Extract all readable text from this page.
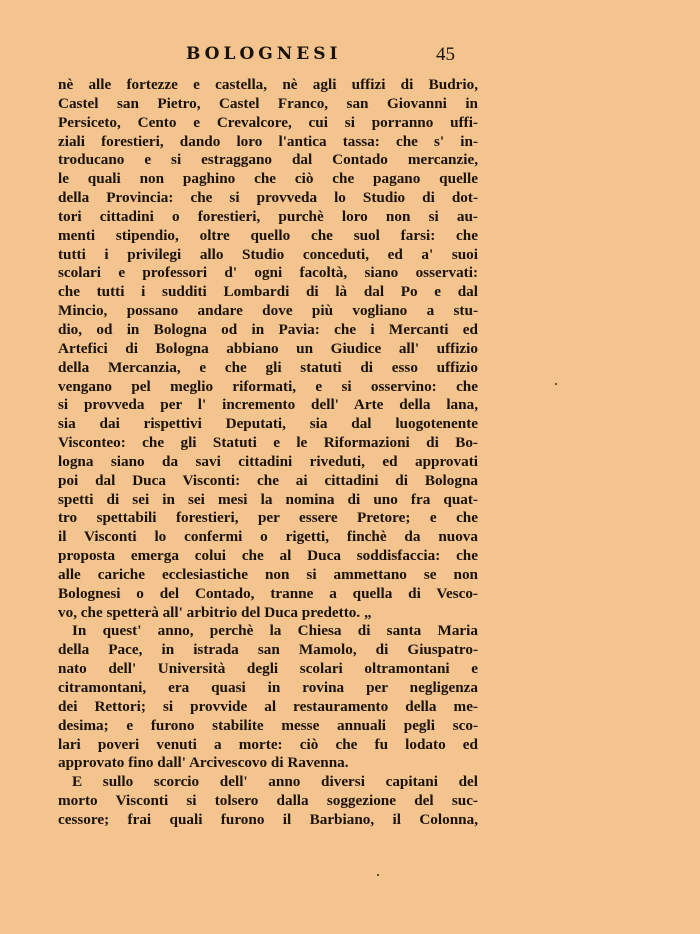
BOLOGNESI	45
nè alle fortezze e castella, nè agli uffizi di Budrio,
Castel san Pietro, Castel Franco, san Giovanni in
Persiceto, Cento e Crevalcore, cui si porranno uffi-
ziali forestieri, dando loro l'antica tassa: che s' in-
troducano e si estraggano dal Contado mercanzie,
le quali non paghino che ciò che pagano quelle
della Provincia: che si provveda lo Studio di dot-
tori cittadini o forestieri, purchè loro non si au-
menti stipendio, oltre quello che suol farsi: che
tutti i privilegi allo Studio conceduti, ed a' suoi
scolari e professori d' ogni facoltà, siano osservati:
che tutti i sudditi Lombardi di là dal Po e dal
Mincio, possano andare dove più vogliano a stu-
dio, od in Bologna od in Pavia: che i Mercanti ed
Artefici di Bologna abbiano un Giudice all' uffizio
della Mercanzia, e che gli statuti di esso uffizio
vengano pel meglio riformati, e si osservino: che
si provveda per l' incremento dell' Arte della lana,
sia dai rispettivi Deputati, sia dal luogotenente
Visconteo: che gli Statuti e le Riformazioni di Bo-
logna siano da savi cittadini riveduti, ed approvati
poi dal Duca Visconti: che ai cittadini di Bologna
spetti di sei in sei mesi la nomina di uno fra quat-
tro spettabili forestieri, per essere Pretore; e che
il Visconti lo confermi o rigetti, finchè da nuova
proposta emerga colui che al Duca soddisfaccia: che
alle cariche ecclesiastiche non si ammettano se non
Bolognesi o del Contado, tranne a quella di Vesco-
vo, che spetterà all' arbitrio del Duca predetto. „
In quest' anno, perchè la Chiesa di santa Maria
della Pace, in istrada san Mamolo, di Giuspatro-
nato dell' Università degli scolari oltramontani e
citramontani, era quasi in rovina per negligenza
dei Rettori; si provvide al restauramento della me-
desima; e furono stabilite messe annuali pegli sco-
lari poveri venuti a morte: ciò che fu lodato ed
approvato fino dall' Arcivescovo di Ravenna.
E sullo scorcio dell' anno diversi capitani del
morto Visconti si tolsero dalla soggezione del suc-
cessore; frai quali furono il Barbiano, il Colonna,
